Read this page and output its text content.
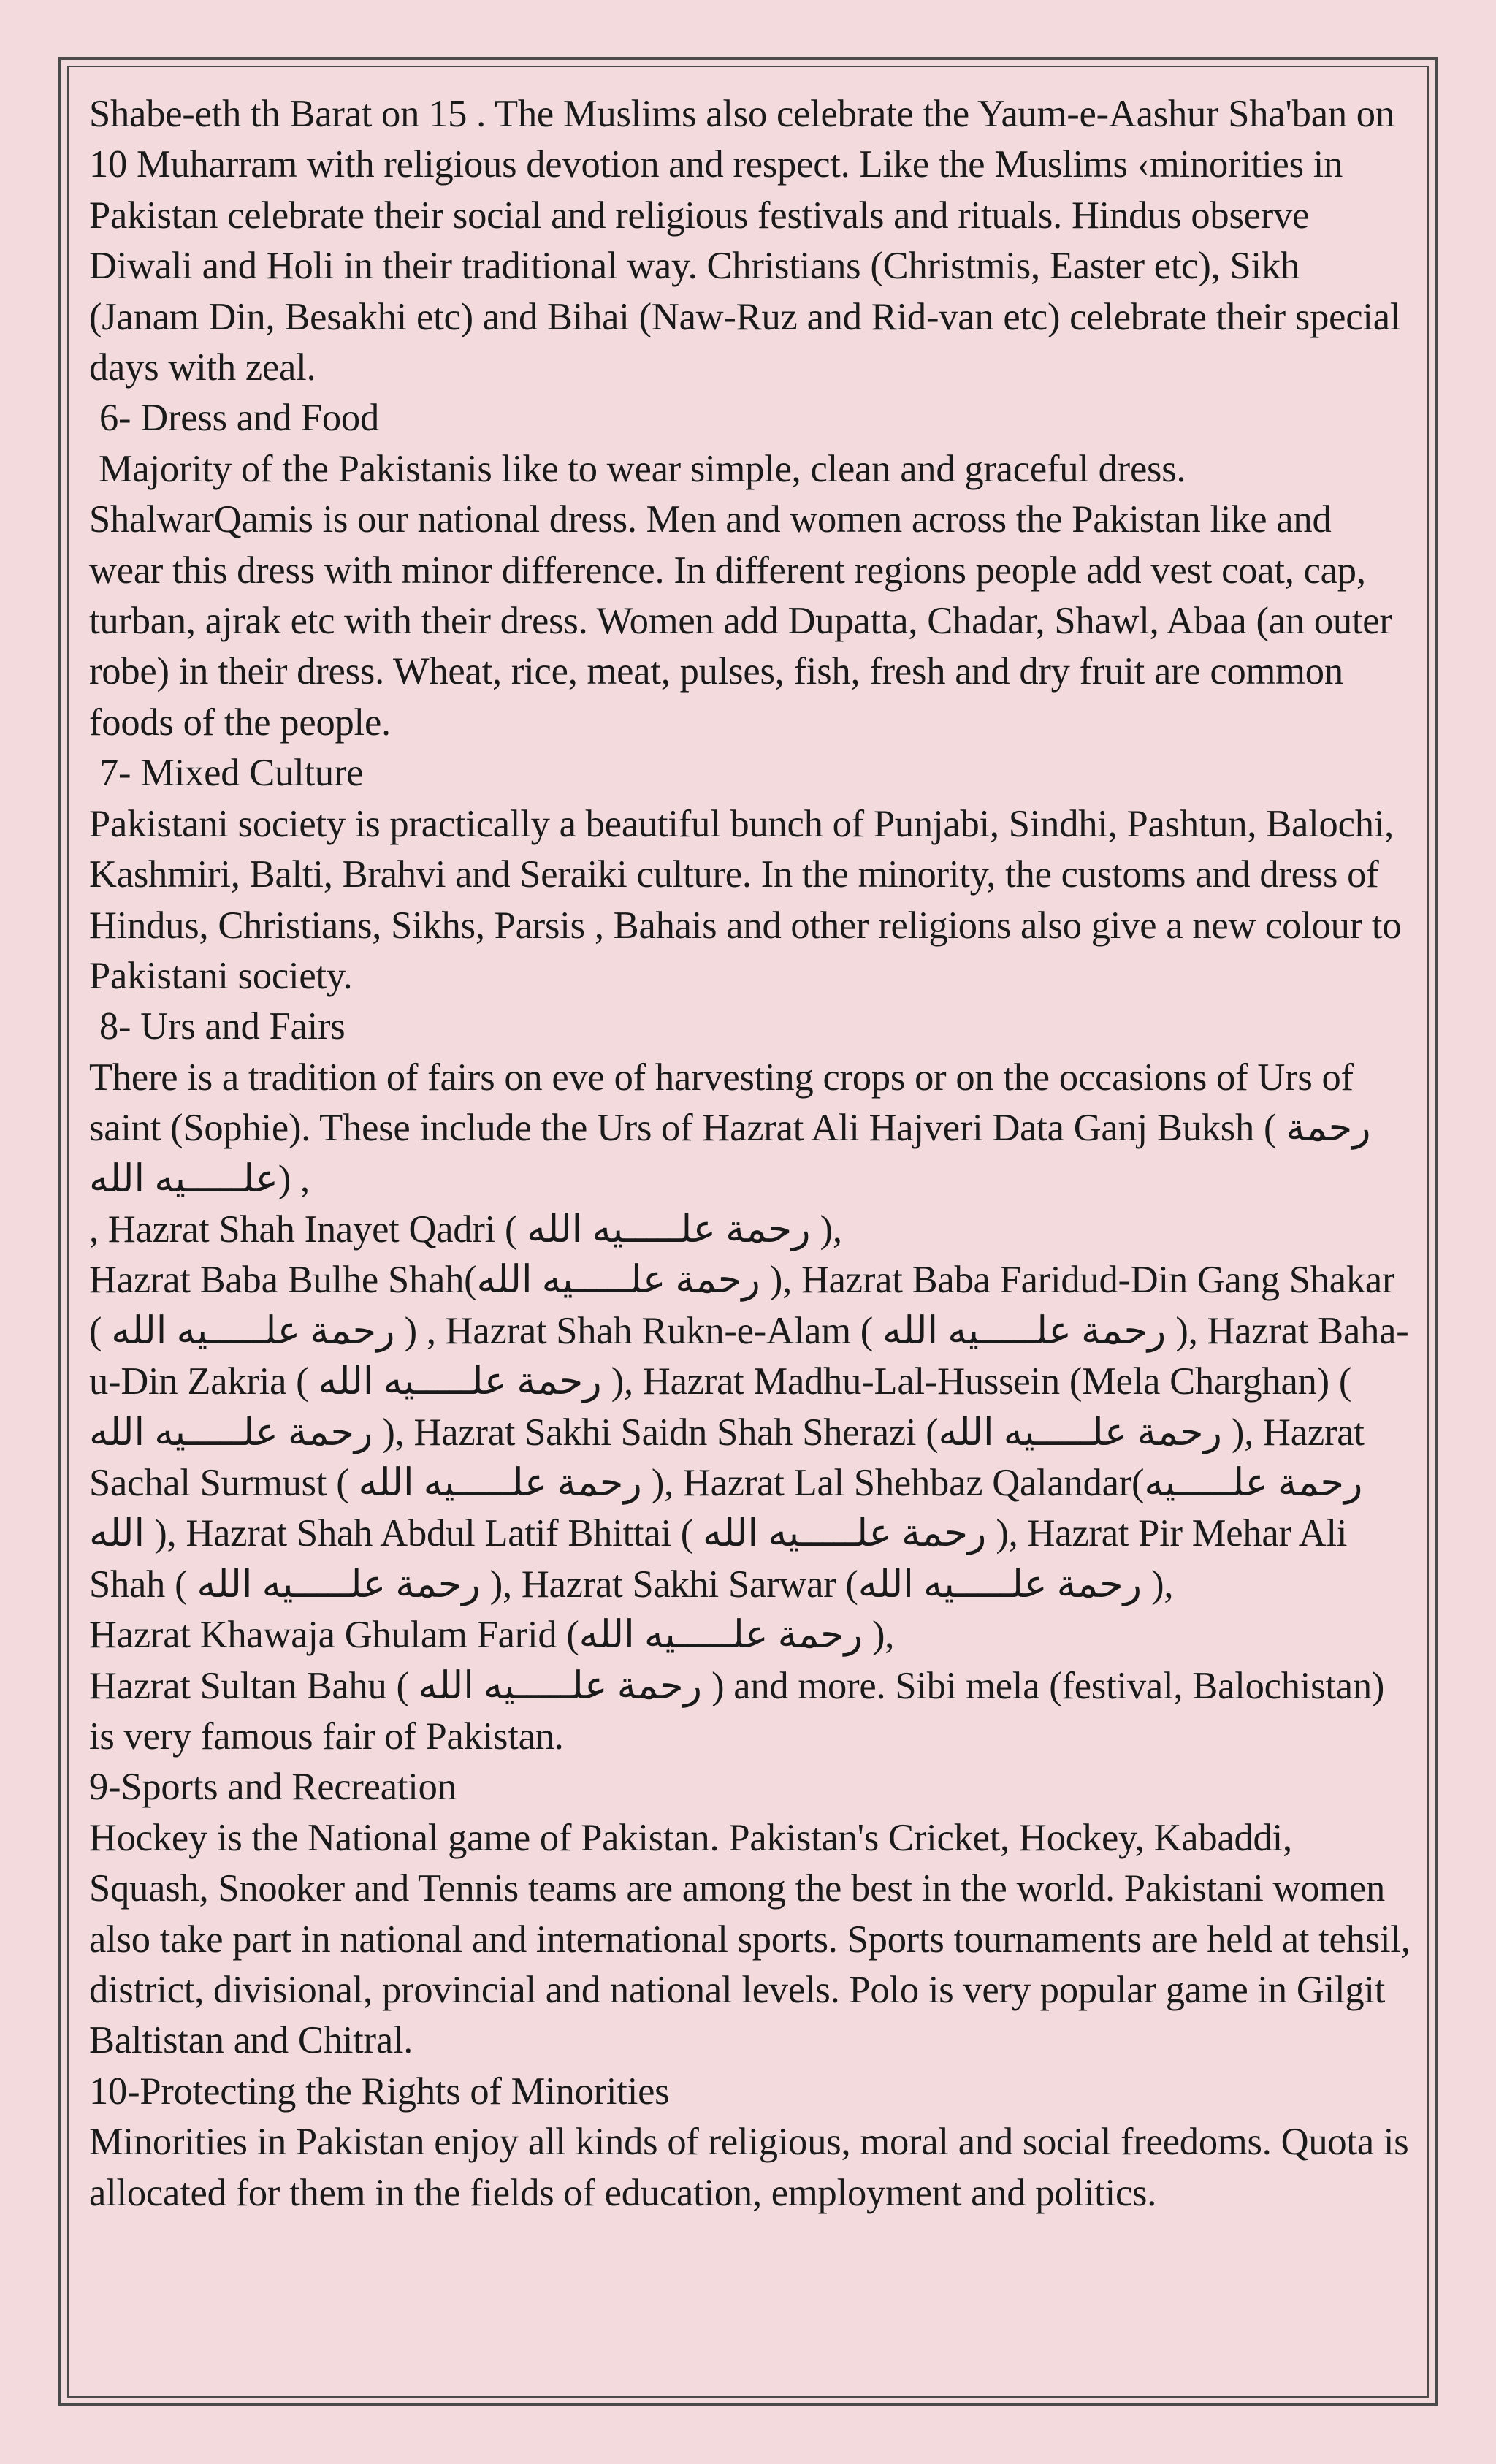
Shabe-eth th Barat on 15 . The Muslims also celebrate the Yaum-e-Aashur Sha'ban on 10 Muharram with religious devotion and respect. Like the Muslims ‹minorities in Pakistan celebrate their social and religious festivals and rituals. Hindus observe Diwali and Holi in their traditional way. Christians (Christmis, Easter etc), Sikh (Janam Din, Besakhi etc) and Bihai (Naw-Ruz and Rid-van etc) celebrate their special days with zeal.

6- Dress and Food

Majority of the Pakistanis like to wear simple, clean and graceful dress. ShalwarQamis is our national dress. Men and women across the Pakistan like and wear this dress with minor difference. In different regions people add vest coat, cap, turban, ajrak etc with their dress. Women add Dupatta, Chadar, Shawl, Abaa (an outer robe) in their dress. Wheat, rice, meat, pulses, fish, fresh and dry fruit are common foods of the people.

7- Mixed Culture

Pakistani society is practically a beautiful bunch of Punjabi, Sindhi, Pashtun, Balochi, Kashmiri, Balti, Brahvi and Seraiki culture. In the minority, the customs and dress of Hindus, Christians, Sikhs, Parsis , Bahais and other religions also give a new colour to Pakistani society.

8- Urs and Fairs

There is a tradition of fairs on eve of harvesting crops or on the occasions of Urs of saint (Sophie). These include the Urs of Hazrat Ali Hajveri Data Ganj Buksh ( رحمة علـــــيه الله) ,

, Hazrat Shah Inayet Qadri ( رحمة علـــــيه الله ),

Hazrat Baba Bulhe Shah(رحمة علـــــيه الله ), Hazrat Baba Faridud-Din Gang Shakar ( رحمة علـــــيه الله ) , Hazrat Shah Rukn-e-Alam ( رحمة علـــــيه الله ), Hazrat Baha-u-Din Zakria ( رحمة علـــــيه الله ), Hazrat Madhu-Lal-Hussein (Mela Charghan) ( رحمة علـــــيه الله ), Hazrat Sakhi Saidn Shah Sherazi (رحمة علـــــيه الله ), Hazrat Sachal Surmust ( رحمة علـــــيه الله ), Hazrat Lal Shehbaz Qalandar(رحمة علـــــيه الله ), Hazrat Shah Abdul Latif Bhittai ( رحمة علـــــيه الله ), Hazrat Pir Mehar Ali Shah ( رحمة علـــــيه الله ), Hazrat Sakhi Sarwar (رحمة علـــــيه الله ),

Hazrat Khawaja Ghulam Farid (رحمة علـــــيه الله ),

Hazrat Sultan Bahu ( رحمة علـــــيه الله ) and more. Sibi mela (festival, Balochistan) is very famous fair of Pakistan.

9-Sports and Recreation

Hockey is the National game of Pakistan. Pakistan's Cricket, Hockey, Kabaddi, Squash, Snooker and Tennis teams are among the best in the world. Pakistani women also take part in national and international sports. Sports tournaments are held at tehsil, district, divisional, provincial and national levels. Polo is very popular game in Gilgit Baltistan and Chitral.

10-Protecting the Rights of Minorities

Minorities in Pakistan enjoy all kinds of religious, moral and social freedoms. Quota is allocated for them in the fields of education, employment and politics.
